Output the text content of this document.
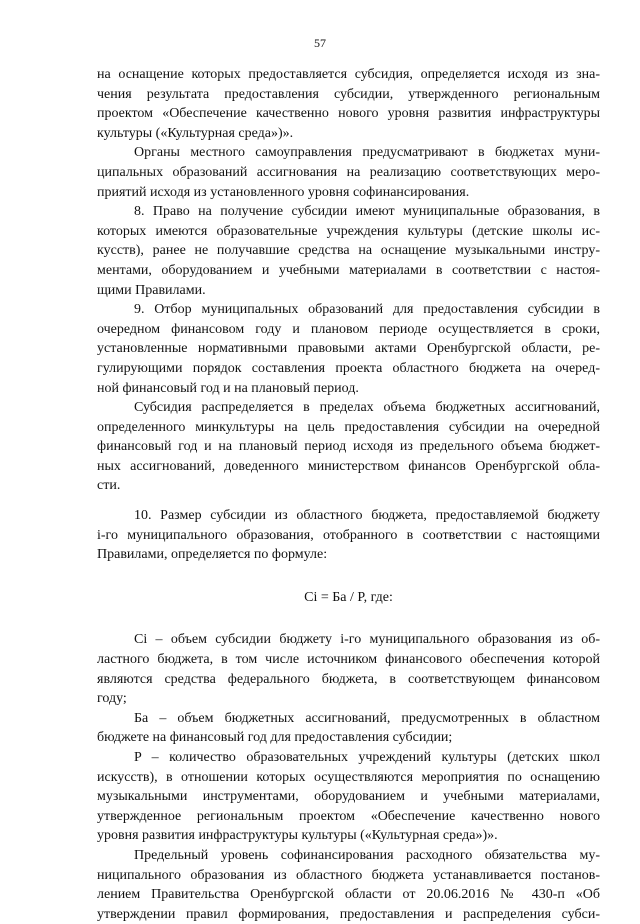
57
на оснащение которых предоставляется субсидия, определяется исходя из зна-
чения результата предоставления субсидии, утвержденного региональным
проектом «Обеспечение качественно нового уровня развития инфраструктуры
культуры («Культурная среда»)».
Органы местного самоуправления предусматривают в бюджетах муни-
ципальных образований ассигнования на реализацию соответствующих меро-
приятий исходя из установленного уровня софинансирования.
8. Право на получение субсидии имеют муниципальные образования, в
которых имеются образовательные учреждения культуры (детские школы ис-
кусств), ранее не получавшие средства на оснащение музыкальными инстру-
ментами, оборудованием и учебными материалами в соответствии с настоя-
щими Правилами.
9. Отбор муниципальных образований для предоставления субсидии в
очередном финансовом году и плановом периоде осуществляется в сроки,
установленные нормативными правовыми актами Оренбургской области, ре-
гулирующими порядок составления проекта областного бюджета на очеред-
ной финансовый год и на плановый период.
Субсидия распределяется в пределах объема бюджетных ассигнований,
определенного минкультуры на цель предоставления субсидии на очередной
финансовый год и на плановый период исходя из предельного объема бюджет-
ных ассигнований, доведенного министерством финансов Оренбургской обла-
сти.
10. Размер субсидии из областного бюджета, предоставляемой бюджету
i-го муниципального образования, отобранного в соответствии с настоящими
Правилами, определяется по формуле:
Ci = Ба / P, где:
Ci – объем субсидии бюджету i-го муниципального образования из об-
ластного бюджета, в том числе источником финансового обеспечения которой
являются средства федерального бюджета, в соответствующем финансовом
году;
Ба – объем бюджетных ассигнований, предусмотренных в областном
бюджете на финансовый год для предоставления субсидии;
P – количество образовательных учреждений культуры (детских школ
искусств), в отношении которых осуществляются мероприятия по оснащению
музыкальными инструментами, оборудованием и учебными материалами,
утвержденное региональным проектом «Обеспечение качественно нового
уровня развития инфраструктуры культуры («Культурная среда»)».
Предельный уровень софинансирования расходного обязательства му-
ниципального образования из областного бюджета устанавливается постанов-
лением Правительства Оренбургской области от 20.06.2016 № 430-п «Об
утверждении правил формирования, предоставления и распределения субси-
